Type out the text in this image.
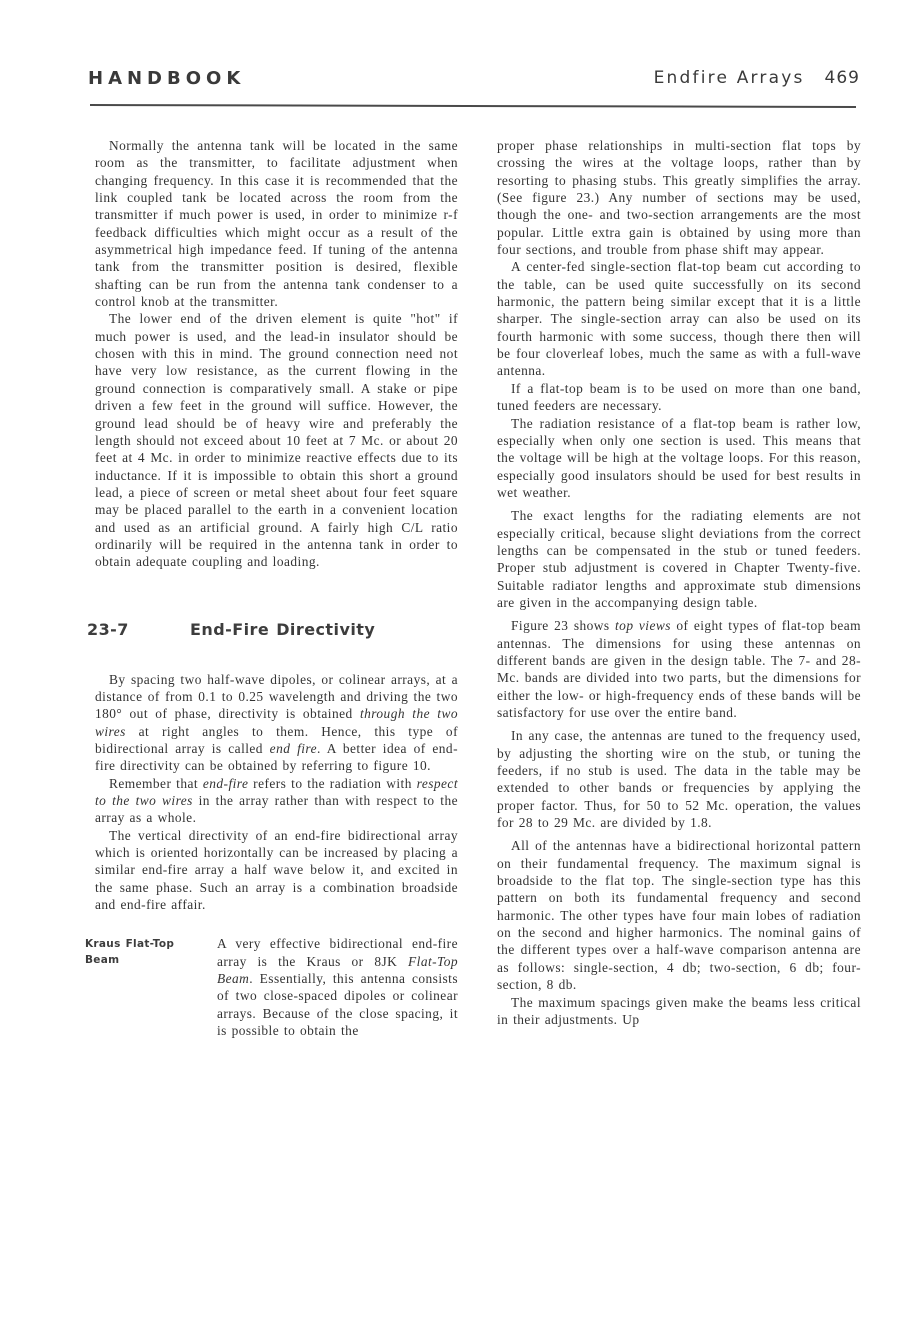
HANDBOOK	Endfire Arrays 469

Normally the antenna tank will be located in the same room as the transmitter, to facilitate adjustment when changing frequency. In this case it is recommended that the link coupled tank be located across the room from the transmitter if much power is used, in order to minimize r-f feedback difficulties which might occur as a result of the asymmetrical high impedance feed. If tuning of the antenna tank from the transmitter position is desired, flexible shafting can be run from the antenna tank condenser to a control knob at the transmitter.

The lower end of the driven element is quite "hot" if much power is used, and the lead-in insulator should be chosen with this in mind. The ground connection need not have very low resistance, as the current flowing in the ground connection is comparatively small. A stake or pipe driven a few feet in the ground will suffice. However, the ground lead should be of heavy wire and preferably the length should not exceed about 10 feet at 7 Mc. or about 20 feet at 4 Mc. in order to minimize reactive effects due to its inductance. If it is impossible to obtain this short a ground lead, a piece of screen or metal sheet about four feet square may be placed parallel to the earth in a convenient location and used as an artificial ground. A fairly high C/L ratio ordinarily will be required in the antenna tank in order to obtain adequate coupling and loading.

23-7	End-Fire Directivity

By spacing two half-wave dipoles, or colinear arrays, at a distance of from 0.1 to 0.25 wavelength and driving the two 180° out of phase, directivity is obtained through the two wires at right angles to them. Hence, this type of bidirectional array is called end fire. A better idea of end-fire directivity can be obtained by referring to figure 10.

Remember that end-fire refers to the radiation with respect to the two wires in the array rather than with respect to the array as a whole.

The vertical directivity of an end-fire bidirectional array which is oriented horizontally can be increased by placing a similar end-fire array a half wave below it, and excited in the same phase. Such an array is a combination broadside and end-fire affair.

Kraus Flat-Top
Beam

A very effective bidirectional end-fire array is the Kraus or 8JK Flat-Top Beam. Essentially, this antenna consists of two close-spaced dipoles or colinear arrays. Because of the close spacing, it is possible to obtain the

proper phase relationships in multi-section flat tops by crossing the wires at the voltage loops, rather than by resorting to phasing stubs. This greatly simplifies the array. (See figure 23.) Any number of sections may be used, though the one- and two-section arrangements are the most popular. Little extra gain is obtained by using more than four sections, and trouble from phase shift may appear.

A center-fed single-section flat-top beam cut according to the table, can be used quite successfully on its second harmonic, the pattern being similar except that it is a little sharper. The single-section array can also be used on its fourth harmonic with some success, though there then will be four cloverleaf lobes, much the same as with a full-wave antenna.

If a flat-top beam is to be used on more than one band, tuned feeders are necessary.

The radiation resistance of a flat-top beam is rather low, especially when only one section is used. This means that the voltage will be high at the voltage loops. For this reason, especially good insulators should be used for best results in wet weather.

The exact lengths for the radiating elements are not especially critical, because slight deviations from the correct lengths can be compensated in the stub or tuned feeders. Proper stub adjustment is covered in Chapter Twenty-five. Suitable radiator lengths and approximate stub dimensions are given in the accompanying design table.

Figure 23 shows top views of eight types of flat-top beam antennas. The dimensions for using these antennas on different bands are given in the design table. The 7- and 28-Mc. bands are divided into two parts, but the dimensions for either the low- or high-frequency ends of these bands will be satisfactory for use over the entire band.

In any case, the antennas are tuned to the frequency used, by adjusting the shorting wire on the stub, or tuning the feeders, if no stub is used. The data in the table may be extended to other bands or frequencies by applying the proper factor. Thus, for 50 to 52 Mc. operation, the values for 28 to 29 Mc. are divided by 1.8.

All of the antennas have a bidirectional horizontal pattern on their fundamental frequency. The maximum signal is broadside to the flat top. The single-section type has this pattern on both its fundamental frequency and second harmonic. The other types have four main lobes of radiation on the second and higher harmonics. The nominal gains of the different types over a half-wave comparison antenna are as follows: single-section, 4 db; two-section, 6 db; four-section, 8 db.

The maximum spacings given make the beams less critical in their adjustments. Up
